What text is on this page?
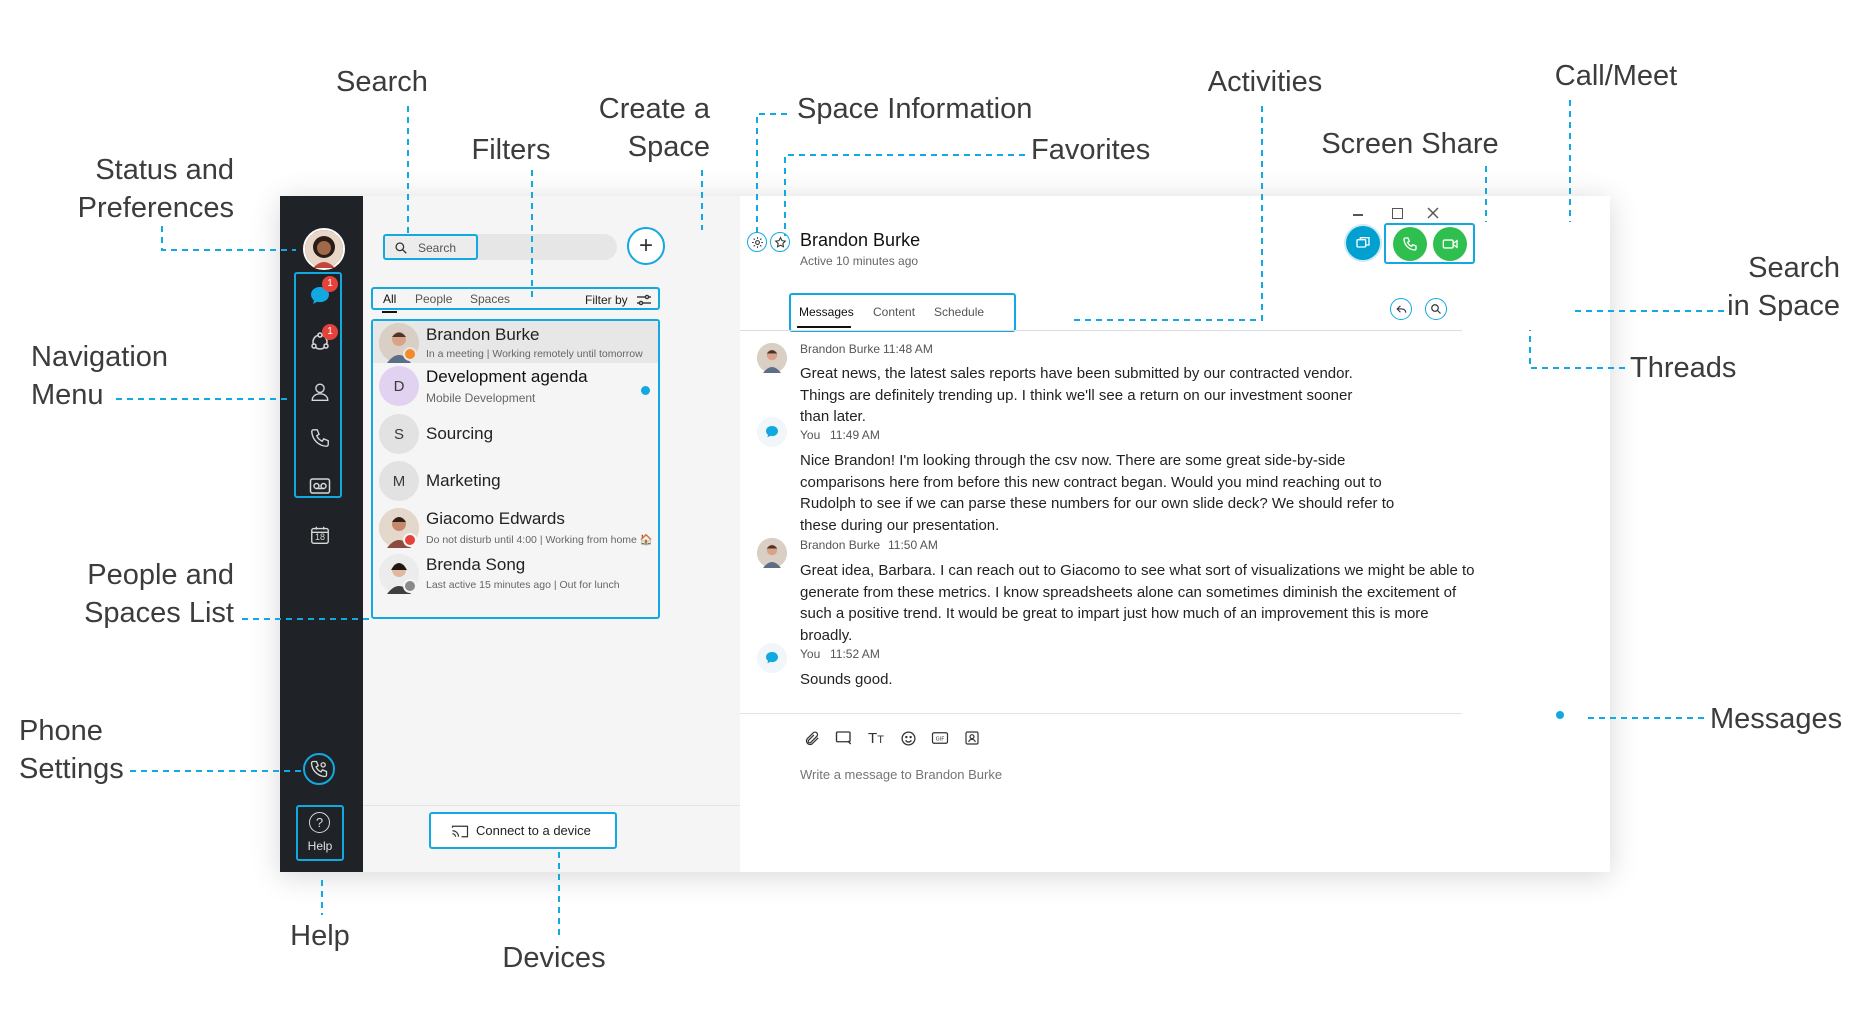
1
1
18
?
Help
Search	+
All People Spaces	Filter by
Brandon Burke
In a meeting | Working remotely until tomorrow
D	Development agenda
Mobile Development
S	Sourcing
M	Marketing
Giacomo Edwards
Do not disturb until 4:00 | Working from home 🏠
Brenda Song
Last active 15 minutes ago | Out for lunch
Connect to a device
Brandon Burke
Active 10 minutes ago
Messages Content Schedule
Brandon Burke 11:48 AM
Great news, the latest sales reports have been submitted by our contracted vendor. Things are definitely trending up. I think we'll see a return on our investment sooner than later.
You 11:49 AM
Nice Brandon! I'm looking through the csv now. There are some great side-by-side comparisons here from before this new contract began. Would you mind reaching out to Rudolph to see if we can parse these numbers for our own slide deck? We should refer to these during our presentation.
Brandon Burke 11:50 AM
Great idea, Barbara. I can reach out to Giacomo to see what sort of visualizations we might be able to generate from these metrics. I know spreadsheets alone can sometimes diminish the excitement of such a positive trend. It would be great to impart just how much of an improvement this is more broadly.
You 11:52 AM
Sounds good.
TT	GIF
Write a message to Brandon Burke
Search
Filters
Create a
Space
Space Information
Favorites
Activities
Screen Share
Call/Meet
Status and
Preferences
Navigation
Menu
Search
in Space
Threads
People and
Spaces List
Phone
Settings
Messages
Help
Devices
